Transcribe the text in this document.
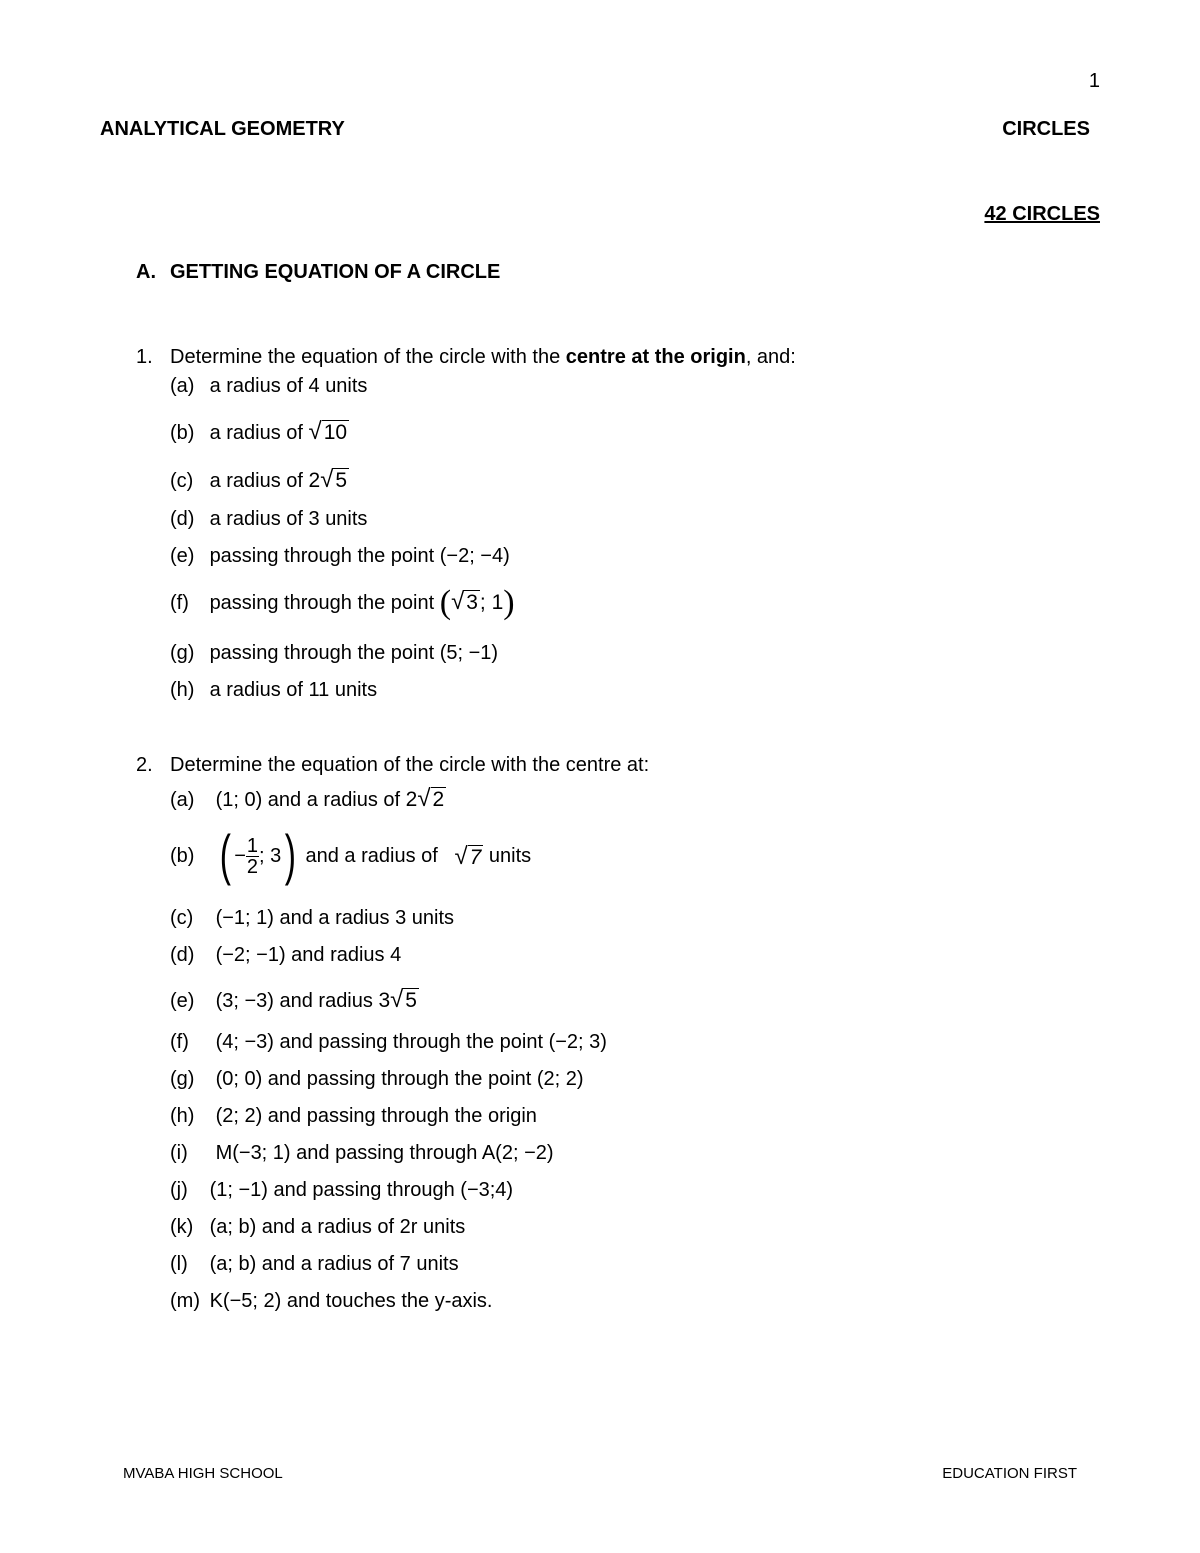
1
ANALYTICAL GEOMETRY	CIRCLES
42 CIRCLES
A. GETTING EQUATION OF A CIRCLE
1. Determine the equation of the circle with the centre at the origin, and:
(a) a radius of 4 units
(b) a radius of √10
(c) a radius of 2√5
(d) a radius of 3 units
(e) passing through the point (−2; −4)
(f) passing through the point (√3; 1)
(g) passing through the point (5; −1)
(h) a radius of 11 units
2. Determine the equation of the circle with the centre at:
(a) (1; 0) and a radius of 2√2
(b) ( − $\frac{1}{2}$ ; 3) and a radius of   √7 units
(c) (−1; 1) and a radius 3 units
(d) (−2; −1) and radius 4
(e) (3; −3) and radius 3√5
(f) (4; −3) and passing through the point (−2; 3)
(g) (0; 0) and passing through the point (2; 2)
(h) (2; 2) and passing through the origin
(i) M(−3; 1) and passing through A(2; −2)
(j) (1; −1) and passing through (−3;4)
(k) (a; b) and a radius of 2r units
(l) (a; b) and a radius of 7 units
(m) K(−5; 2) and touches the y-axis.
MVABA HIGH SCHOOL	EDUCATION FIRST
